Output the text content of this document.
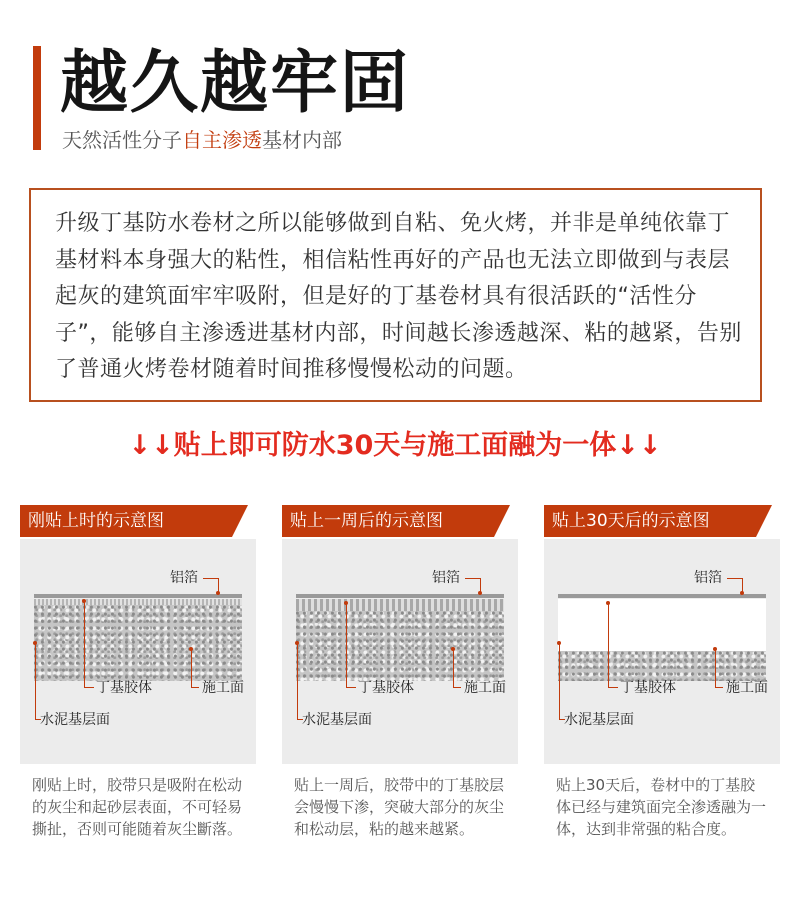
越久越牢固
天然活性分子自主渗透基材内部
升级丁基防水卷材之所以能够做到自粘、免火烤，并非是单纯依靠丁基材料本身强大的粘性，相信粘性再好的产品也无法立即做到与表层起灰的建筑面牢牢吸附，但是好的丁基卷材具有很活跃的“活性分子”，能够自主渗透进基材内部，时间越长渗透越深、粘的越紧，告别了普通火烤卷材随着时间推移慢慢松动的问题。
↓↓贴上即可防水30天与施工面融为一体↓↓
刚贴上时的示意图
铝箔
丁基胶体	施工面
水泥基层面
刚贴上时，胶带只是吸附在松动的灰尘和起砂层表面，不可轻易撕扯，否则可能随着灰尘斷落。
贴上一周后的示意图
铝箔
丁基胶体	施工面
水泥基层面
贴上一周后，胶带中的丁基胶层会慢慢下渗，突破大部分的灰尘和松动层，粘的越来越紧。
贴上30天后的示意图
铝箔
丁基胶体	施工面
水泥基层面
贴上30天后，卷材中的丁基胶体已经与建筑面完全渗透融为一体，达到非常强的粘合度。
